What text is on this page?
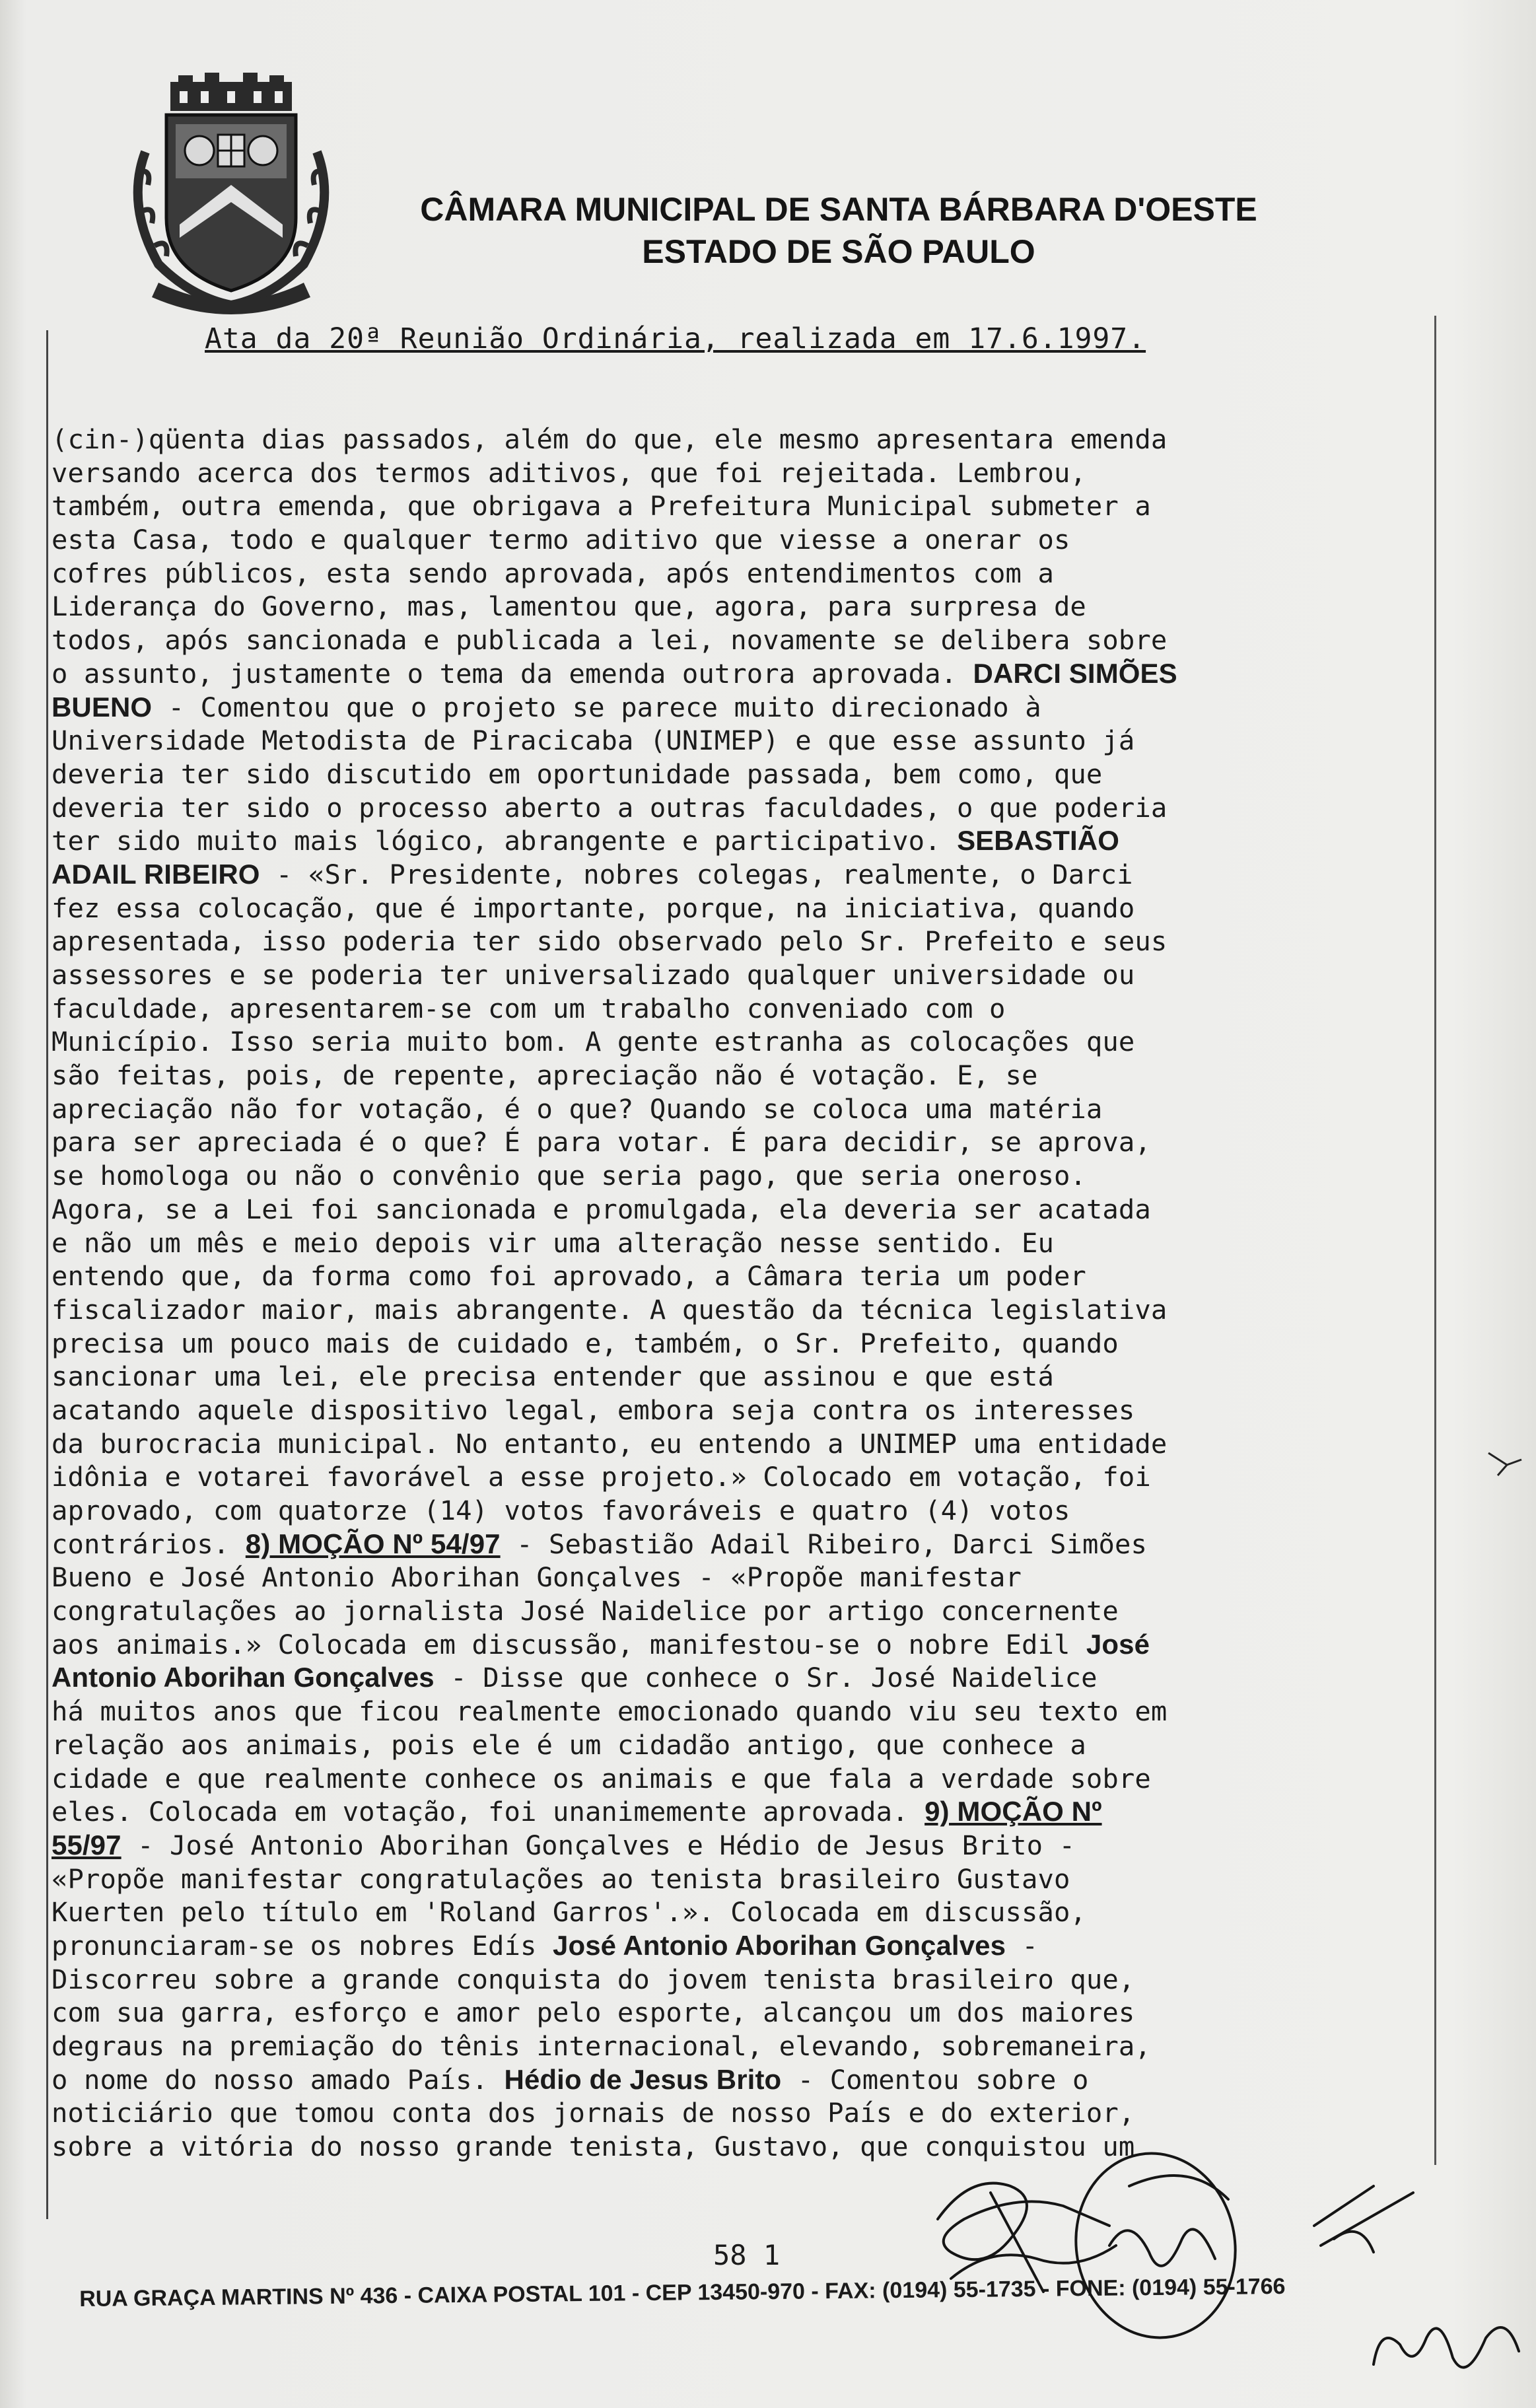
CÂMARA MUNICIPAL DE SANTA BÁRBARA D'OESTE
ESTADO DE SÃO PAULO
Ata da 20ª Reunião Ordinária, realizada em 17.6.1997.
(cin-)qüenta dias passados, além do que, ele mesmo apresentara emenda
versando acerca dos termos aditivos, que foi rejeitada. Lembrou,
também, outra emenda, que obrigava a Prefeitura Municipal submeter a
esta Casa, todo e qualquer termo aditivo que viesse a onerar os
cofres públicos, esta sendo aprovada, após entendimentos com a
Liderança do Governo, mas, lamentou que, agora, para surpresa de
todos, após sancionada e publicada a lei, novamente se delibera sobre
o assunto, justamente o tema da emenda outrora aprovada. DARCI SIMÕES
BUENO - Comentou que o projeto se parece muito direcionado à
Universidade Metodista de Piracicaba (UNIMEP) e que esse assunto já
deveria ter sido discutido em oportunidade passada, bem como, que
deveria ter sido o processo aberto a outras faculdades, o que poderia
ter sido muito mais lógico, abrangente e participativo. SEBASTIÃO
ADAIL RIBEIRO - «Sr. Presidente, nobres colegas, realmente, o Darci
fez essa colocação, que é importante, porque, na iniciativa, quando
apresentada, isso poderia ter sido observado pelo Sr. Prefeito e seus
assessores e se poderia ter universalizado qualquer universidade ou
faculdade, apresentarem-se com um trabalho conveniado com o
Município. Isso seria muito bom. A gente estranha as colocações que
são feitas, pois, de repente, apreciação não é votação. E, se
apreciação não for votação, é o que? Quando se coloca uma matéria
para ser apreciada é o que? É para votar. É para decidir, se aprova,
se homologa ou não o convênio que seria pago, que seria oneroso.
Agora, se a Lei foi sancionada e promulgada, ela deveria ser acatada
e não um mês e meio depois vir uma alteração nesse sentido. Eu
entendo que, da forma como foi aprovado, a Câmara teria um poder
fiscalizador maior, mais abrangente. A questão da técnica legislativa
precisa um pouco mais de cuidado e, também, o Sr. Prefeito, quando
sancionar uma lei, ele precisa entender que assinou e que está
acatando aquele dispositivo legal, embora seja contra os interesses
da burocracia municipal. No entanto, eu entendo a UNIMEP uma entidade
idônia e votarei favorável a esse projeto.» Colocado em votação, foi
aprovado, com quatorze (14) votos favoráveis e quatro (4) votos
contrários. 8) MOÇÃO Nº 54/97 - Sebastião Adail Ribeiro, Darci Simões
Bueno e José Antonio Aborihan Gonçalves - «Propõe manifestar
congratulações ao jornalista José Naidelice por artigo concernente
aos animais.» Colocada em discussão, manifestou-se o nobre Edil José
Antonio Aborihan Gonçalves - Disse que conhece o Sr. José Naidelice
há muitos anos que ficou realmente emocionado quando viu seu texto em
relação aos animais, pois ele é um cidadão antigo, que conhece a
cidade e que realmente conhece os animais e que fala a verdade sobre
eles. Colocada em votação, foi unanimemente aprovada. 9) MOÇÃO Nº
55/97 - José Antonio Aborihan Gonçalves e Hédio de Jesus Brito -
«Propõe manifestar congratulações ao tenista brasileiro Gustavo
Kuerten pelo título em 'Roland Garros'.». Colocada em discussão,
pronunciaram-se os nobres Edís José Antonio Aborihan Gonçalves -
Discorreu sobre a grande conquista do jovem tenista brasileiro que,
com sua garra, esforço e amor pelo esporte, alcançou um dos maiores
degraus na premiação do tênis internacional, elevando, sobremaneira,
o nome do nosso amado País. Hédio de Jesus Brito - Comentou sobre o
noticiário que tomou conta dos jornais de nosso País e do exterior,
sobre a vitória do nosso grande tenista, Gustavo, que conquistou um
58 1
RUA GRAÇA MARTINS Nº 436 - CAIXA POSTAL 101 - CEP 13450-970 - FAX: (0194) 55-1735 - FONE: (0194) 55-1766
